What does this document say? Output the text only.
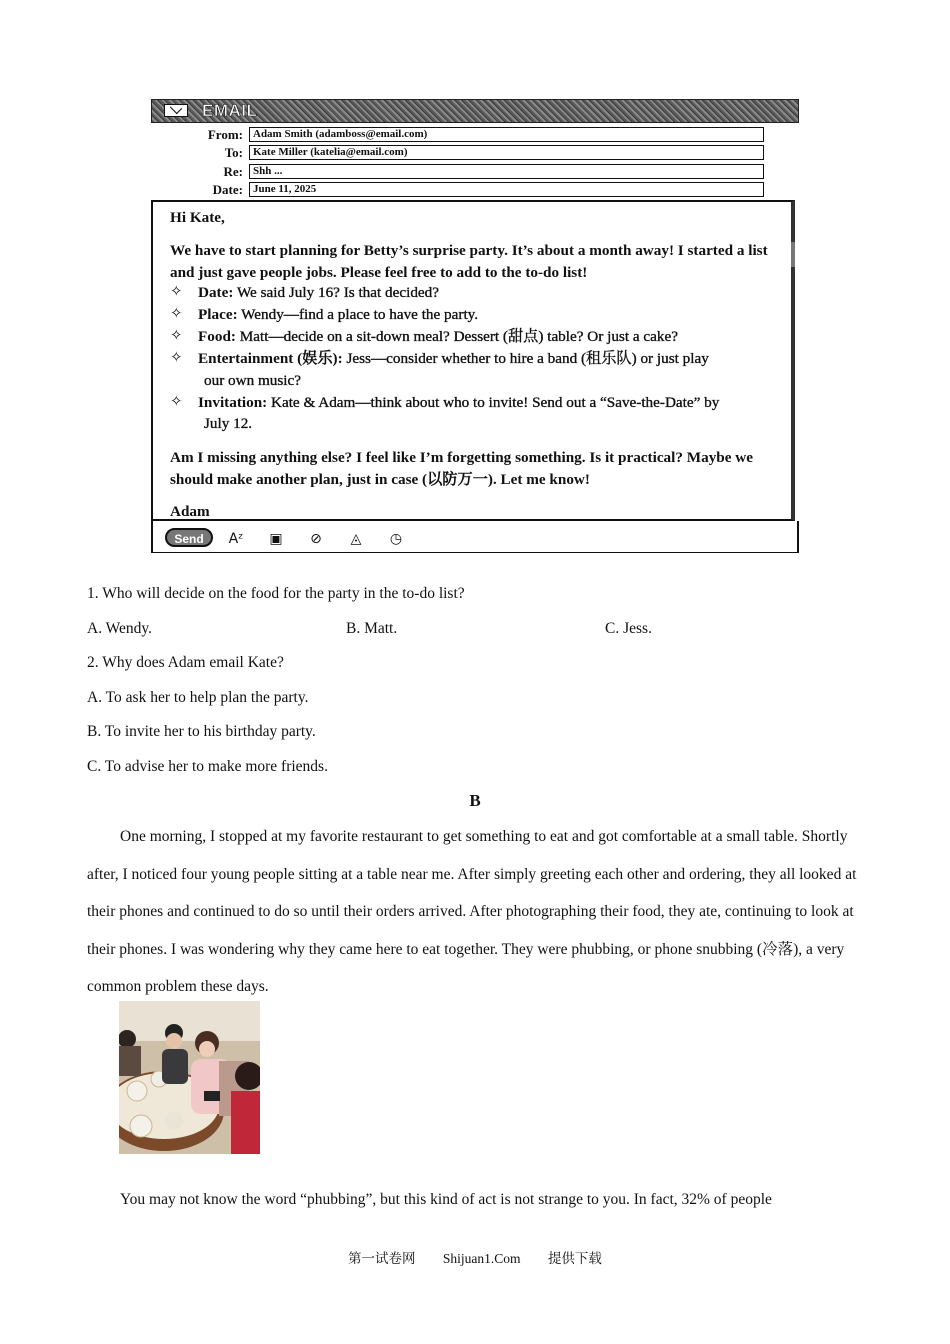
EMAIL
From: Adam Smith (adamboss@email.com)
To: Kate Miller (katelia@email.com)
Re: Shh ...
Date: June 11, 2025
Hi Kate,
We have to start planning for Betty’s surprise party. It’s about a month away! I started a list and just gave people jobs. Please feel free to add to the to-do list!
✧ Date: We said July 16? Is that decided?
✧ Place: Wendy—find a place to have the party.
✧ Food: Matt—decide on a sit-down meal? Dessert (甜点) table? Or just a cake?
✧ Entertainment (娱乐): Jess—consider whether to hire a band (租乐队) or just play
our own music?
✧ Invitation: Kate & Adam—think about who to invite! Send out a “Save-the-Date” by
July 12.
Am I missing anything else? I feel like I’m forgetting something. Is it practical? Maybe we should make another plan, just in case (以防万一). Let me know!
Adam
Send	Aᶻ ▣ ⊘ ◬ ◷
1. Who will decide on the food for the party in the to-do list?
A. Wendy.	B. Matt.	C. Jess.
2. Why does Adam email Kate?
A. To ask her to help plan the party.
B. To invite her to his birthday party.
C. To advise her to make more friends.
B

One morning, I stopped at my favorite restaurant to get something to eat and got comfortable at a small table. Shortly after, I noticed four young people sitting at a table near me. After simply greeting each other and ordering, they all looked at their phones and continued to do so until their orders arrived. After photographing their food, they ate, continuing to look at their phones. I was wondering why they came here to eat together. They were phubbing, or phone snubbing (冷落), a very common problem these days.

You may not know the word “phubbing”, but this kind of act is not strange to you. In fact, 32% of people

第一试卷网 Shijuan1.Com 提供下载
